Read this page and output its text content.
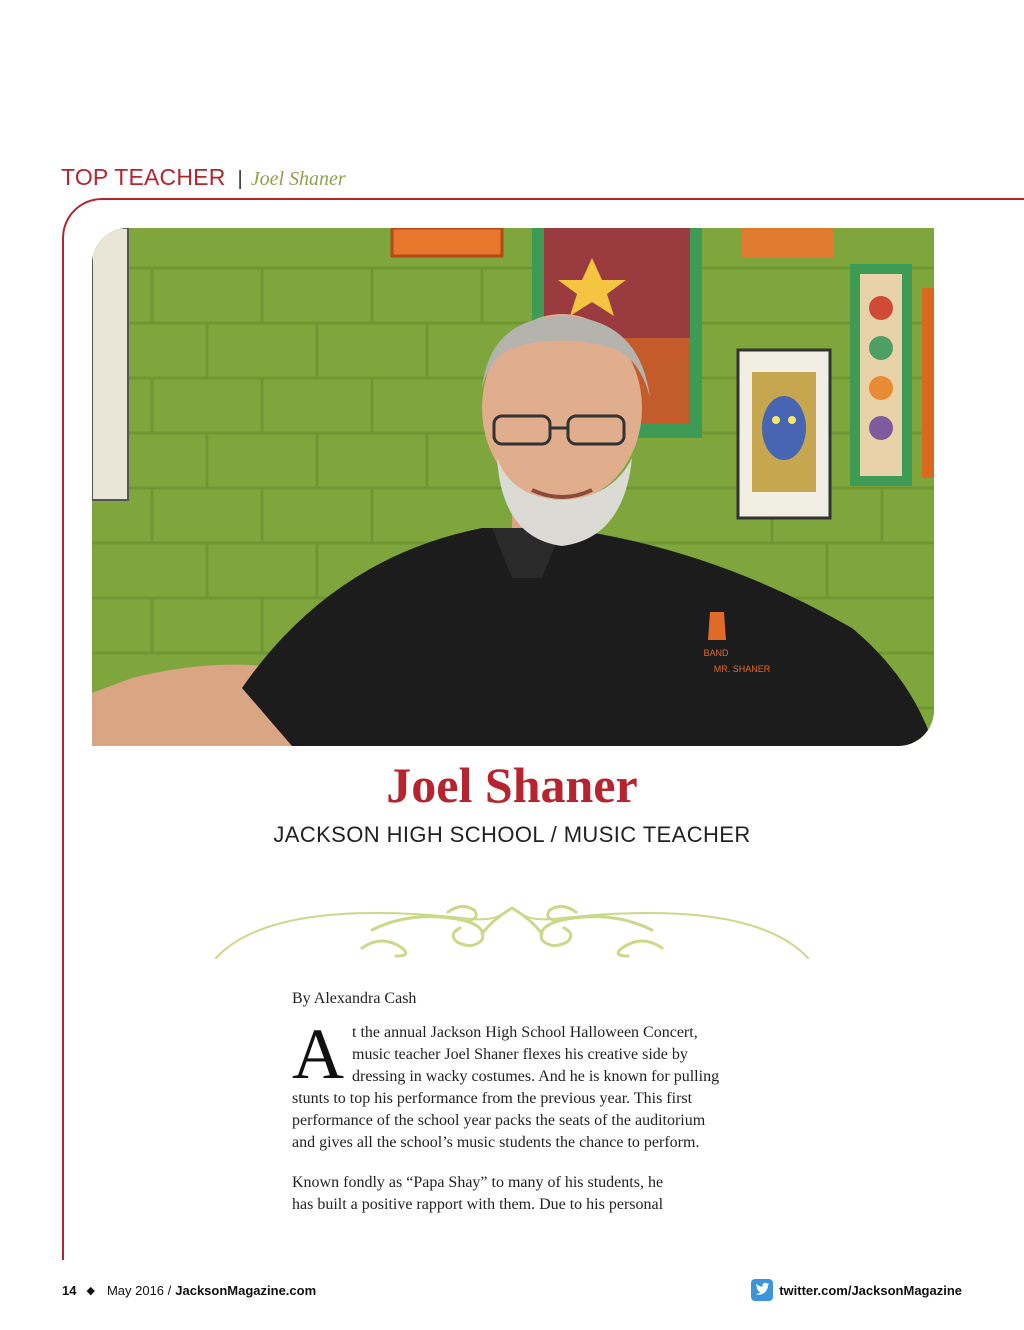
TOP TEACHER | Joel Shaner
BAND
MR. SHANER
Joel Shaner
JACKSON HIGH SCHOOL / MUSIC TEACHER
By Alexandra Cash
A t the annual Jackson High School Halloween Concert,
music teacher Joel Shaner flexes his creative side by
dressing in wacky costumes. And he is known for pulling
stunts to top his performance from the previous year. This first
performance of the school year packs the seats of the auditorium
and gives all the school’s music students the chance to perform.
Known fondly as “Papa Shay” to many of his students, he
has built a positive rapport with them. Due to his personal
14 ◆ May 2016 / JacksonMagazine.com	twitter.com/JacksonMagazine
